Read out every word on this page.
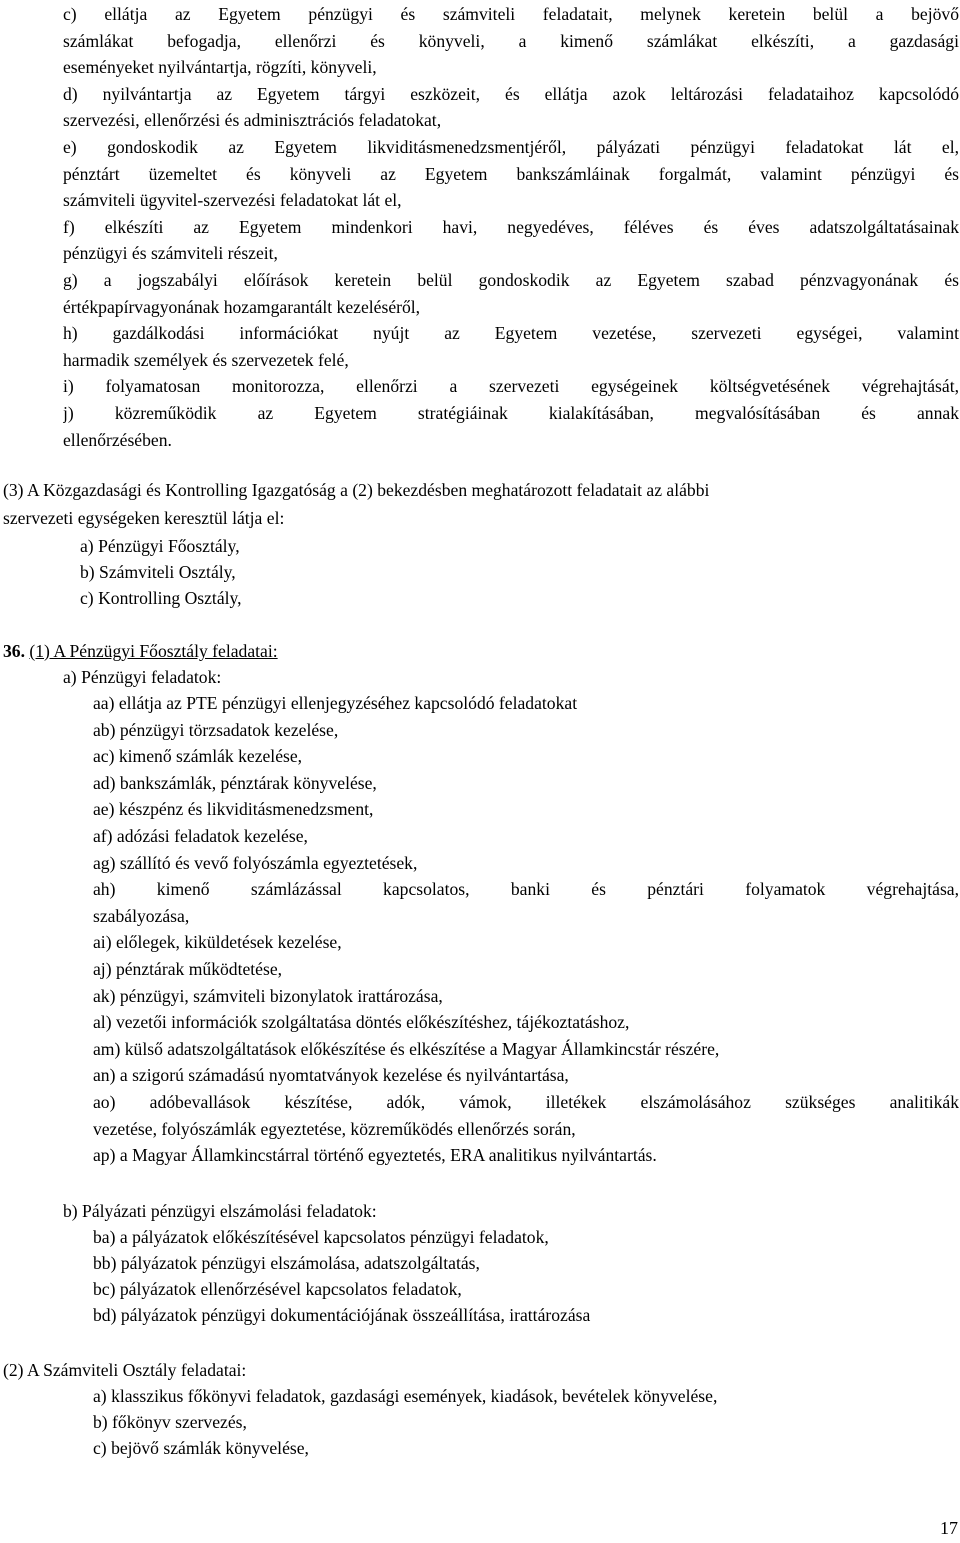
c) ellátja az Egyetem pénzügyi és számviteli feladatait, melynek keretein belül a bejövő
számlákat befogadja, ellenőrzi és könyveli, a kimenő számlákat elkészíti, a gazdasági
eseményeket nyilvántartja, rögzíti, könyveli,
d) nyilvántartja az Egyetem tárgyi eszközeit, és ellátja azok leltározási feladataihoz kapcsolódó
szervezési, ellenőrzési és adminisztrációs feladatokat,
e) gondoskodik az Egyetem likviditásmenedzsmentjéről, pályázati pénzügyi feladatokat lát el,
pénztárt üzemeltet és könyveli az Egyetem bankszámláinak forgalmát, valamint pénzügyi és
számviteli ügyvitel-szervezési feladatokat lát el,
f) elkészíti az Egyetem mindenkori havi, negyedéves, féléves és éves adatszolgáltatásainak
pénzügyi és számviteli részeit,
g) a jogszabályi előírások keretein belül gondoskodik az Egyetem szabad pénzvagyonának és
értékpapírvagyonának hozamgarantált kezeléséről,
h) gazdálkodási információkat nyújt az Egyetem vezetése, szervezeti egységei, valamint
harmadik személyek és szervezetek felé,
i) folyamatosan monitorozza, ellenőrzi a szervezeti egységeinek költségvetésének végrehajtását,
j) közreműködik az Egyetem stratégiáinak kialakításában, megvalósításában és annak
ellenőrzésében.
(3) A Közgazdasági és Kontrolling Igazgatóság a (2) bekezdésben meghatározott feladatait az alábbi
szervezeti egységeken keresztül látja el:
a) Pénzügyi Főosztály,
b) Számviteli Osztály,
c) Kontrolling Osztály,
36. (1) A Pénzügyi Főosztály feladatai:
a) Pénzügyi feladatok:
aa) ellátja az PTE pénzügyi ellenjegyzéséhez kapcsolódó feladatokat
ab) pénzügyi törzsadatok kezelése,
ac) kimenő számlák kezelése,
ad) bankszámlák, pénztárak könyvelése,
ae) készpénz és likviditásmenedzsment,
af) adózási feladatok kezelése,
ag) szállító és vevő folyószámla egyeztetések,
ah) kimenő számlázással kapcsolatos, banki és pénztári folyamatok végrehajtása,
szabályozása,
ai) előlegek, kiküldetések kezelése,
aj) pénztárak működtetése,
ak) pénzügyi, számviteli bizonylatok irattározása,
al) vezetői információk szolgáltatása döntés előkészítéshez, tájékoztatáshoz,
am) külső adatszolgáltatások előkészítése és elkészítése a Magyar Államkincstár részére,
an) a szigorú számadású nyomtatványok kezelése és nyilvántartása,
ao) adóbevallások készítése, adók, vámok, illetékek elszámolásához szükséges analitikák
vezetése, folyószámlák egyeztetése, közreműködés ellenőrzés során,
ap) a Magyar Államkincstárral történő egyeztetés, ERA analitikus nyilvántartás.
b) Pályázati pénzügyi elszámolási feladatok:
ba) a pályázatok előkészítésével kapcsolatos pénzügyi feladatok,
bb) pályázatok pénzügyi elszámolása, adatszolgáltatás,
bc) pályázatok ellenőrzésével kapcsolatos feladatok,
bd) pályázatok pénzügyi dokumentációjának összeállítása, irattározása
(2) A Számviteli Osztály feladatai:
a) klasszikus főkönyvi feladatok, gazdasági események, kiadások, bevételek könyvelése,
b) főkönyv szervezés,
c) bejövő számlák könyvelése,
17
